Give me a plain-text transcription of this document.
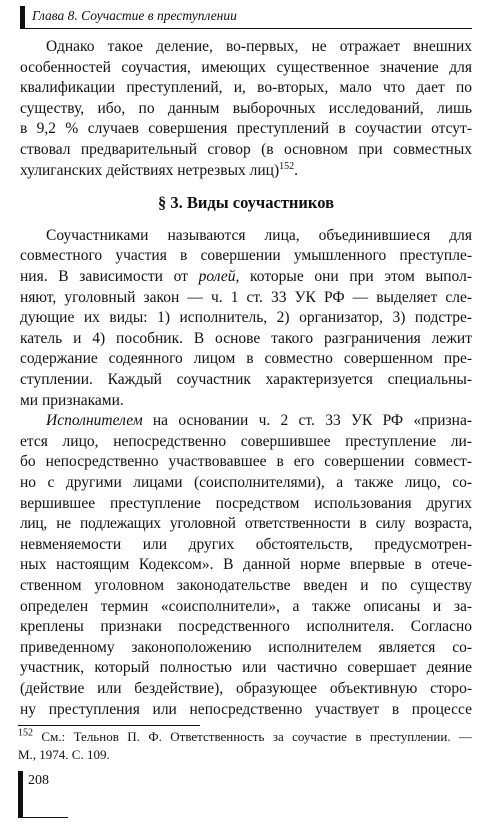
Глава 8. Соучастие в преступлении
Однако такое деление, во-первых, не отражает внешних
особенностей соучастия, имеющих существенное значение для
квалификации преступлений, и, во-вторых, мало что дает по
существу, ибо, по данным выборочных исследований, лишь
в 9,2 % случаев совершения преступлений в соучастии отсут-
ствовал предварительный сговор (в основном при совместных
хулиганских действиях нетрезвых лиц)$^{152}$.
§ 3. Виды соучастников
Соучастниками называются лица, объединившиеся для
совместного участия в совершении умышленного преступле-
ния. В зависимости от ролей, которые они при этом выпол-
няют, уголовный закон — ч. 1 ст. 33 УК РФ — выделяет сле-
дующие их виды: 1) исполнитель, 2) организатор, 3) подстре-
катель и 4) пособник. В основе такого разграничения лежит
содержание содеянного лицом в совместно совершенном пре-
ступлении. Каждый соучастник характеризуется специальны-
ми признаками.
Исполнителем на основании ч. 2 ст. 33 УК РФ «призна-
ется лицо, непосредственно совершившее преступление ли-
бо непосредственно участвовавшее в его совершении совмест-
но с другими лицами (соисполнителями), а также лицо, со-
вершившее преступление посредством использования других
лиц, не подлежащих уголовной ответственности в силу возраста,
невменяемости или других обстоятельств, предусмотрен-
ных настоящим Кодексом». В данной норме впервые в отече-
ственном уголовном законодательстве введен и по существу
определен термин «соисполнители», а также описаны и за-
креплены признаки посредственного исполнителя. Согласно
приведенному законоположению исполнителем является со-
участник, который полностью или частично совершает деяние
(действие или бездействие), образующее объективную сторо-
ну преступления или непосредственно участвует в процессе
$^{152}$ См.: Тельнов П. Ф. Ответственность за соучастие в преступлении. —
М., 1974. С. 109.
208
